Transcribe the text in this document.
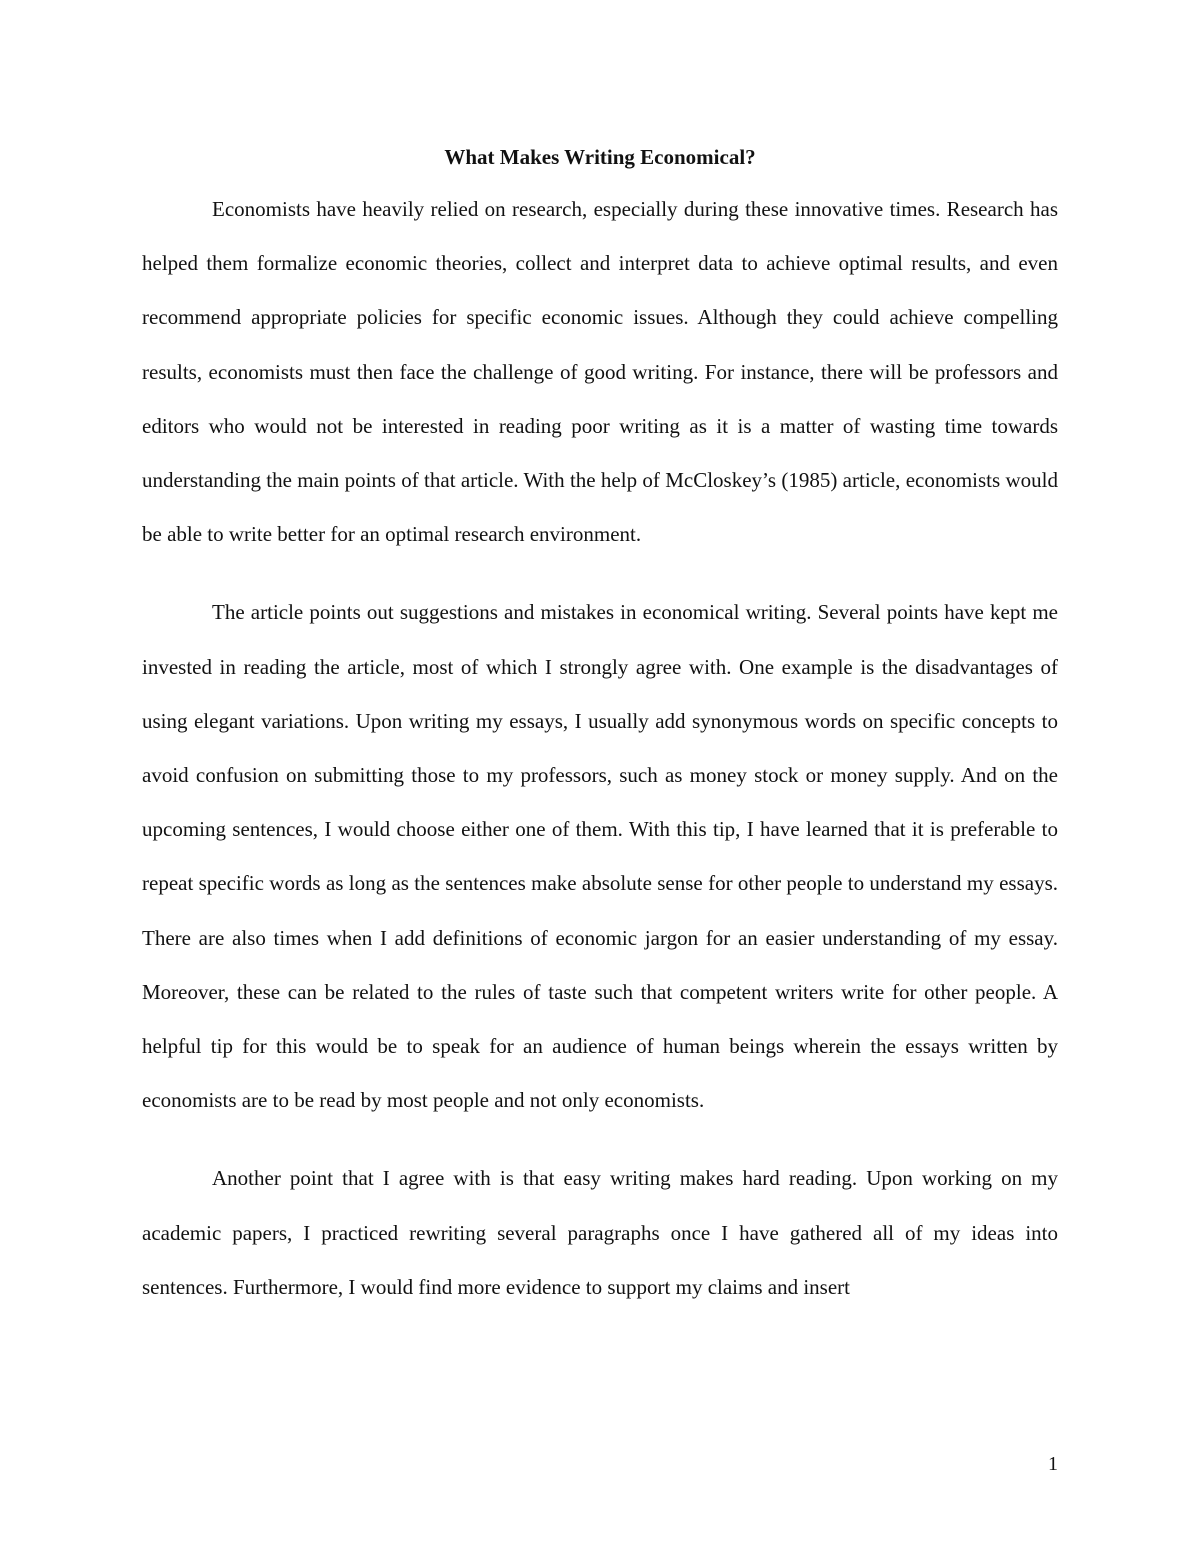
What Makes Writing Economical?

Economists have heavily relied on research, especially during these innovative times. Research has helped them formalize economic theories, collect and interpret data to achieve optimal results, and even recommend appropriate policies for specific economic issues. Although they could achieve compelling results, economists must then face the challenge of good writing. For instance, there will be professors and editors who would not be interested in reading poor writing as it is a matter of wasting time towards understanding the main points of that article. With the help of McCloskey’s (1985) article, economists would be able to write better for an optimal research environment.

The article points out suggestions and mistakes in economical writing. Several points have kept me invested in reading the article, most of which I strongly agree with. One example is the disadvantages of using elegant variations. Upon writing my essays, I usually add synonymous words on specific concepts to avoid confusion on submitting those to my professors, such as money stock or money supply. And on the upcoming sentences, I would choose either one of them. With this tip, I have learned that it is preferable to repeat specific words as long as the sentences make absolute sense for other people to understand my essays. There are also times when I add definitions of economic jargon for an easier understanding of my essay. Moreover, these can be related to the rules of taste such that competent writers write for other people. A helpful tip for this would be to speak for an audience of human beings wherein the essays written by economists are to be read by most people and not only economists.

Another point that I agree with is that easy writing makes hard reading. Upon working on my academic papers, I practiced rewriting several paragraphs once I have gathered all of my ideas into sentences. Furthermore, I would find more evidence to support my claims and insert

1
